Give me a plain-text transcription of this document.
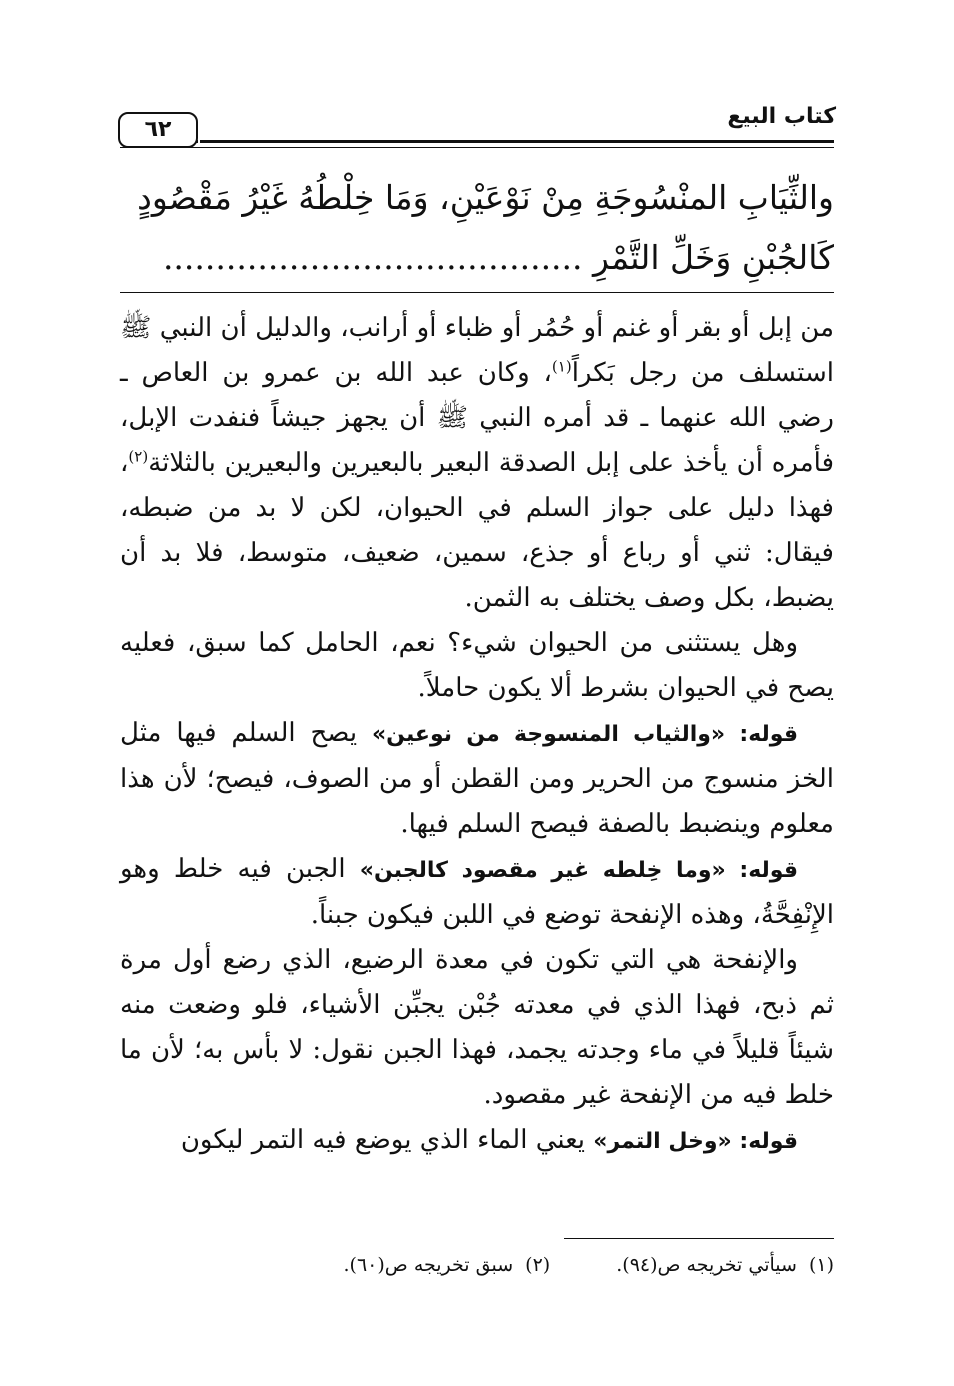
كتاب البيع
٦٢
والثِّيَابِ المنْسُوجَةِ مِنْ نَوْعَيْنِ، وَمَا خِلْطُهُ غَيْرُ مَقْصُودٍ
كَالجُبْنِ وَخَلِّ التَّمْرِ ........................................

من إبل أو بقر أو غنم أو حُمُر أو ظباء أو أرانب، والدليل أن النبي ﷺ استسلف من رجل بَكراً$^{(١)}$، وكان عبد الله بن عمرو بن العاص ـ رضي الله عنهما ـ قد أمره النبي ﷺ أن يجهز جيشاً فنفدت الإبل، فأمره أن يأخذ على إبل الصدقة البعير بالبعيرين والبعيرين بالثلاثة$^{(٢)}$، فهذا دليل على جواز السلم في الحيوان، لكن لا بد من ضبطه، فيقال: ثني أو رباع أو جذع، سمين، ضعيف، متوسط، فلا بد أن يضبط، بكل وصف يختلف به الثمن.

وهل يستثنى من الحيوان شيء؟ نعم، الحامل كما سبق، فعليه يصح في الحيوان بشرط ألا يكون حاملاً.

قوله: «والثياب المنسوجة من نوعين» يصح السلم فيها مثل الخز منسوج من الحرير ومن القطن أو من الصوف، فيصح؛ لأن هذا معلوم وينضبط بالصفة فيصح السلم فيها.

قوله: «وما خِلطه غير مقصود كالجبن» الجبن فيه خلط وهو الإِنْفِحَّةُ، وهذه الإنفحة توضع في اللبن فيكون جبناً.

والإنفحة هي التي تكون في معدة الرضيع، الذي رضع أول مرة ثم ذبح، فهذا الذي في معدته جُبْن يجبِّن الأشياء، فلو وضعت منه شيئاً قليلاً في ماء وجدته يجمد، فهذا الجبن نقول: لا بأس به؛ لأن ما خلط فيه من الإنفحة غير مقصود.

قوله: «وخل التمر» يعني الماء الذي يوضع فيه التمر ليكون

(١)سيأتي تخريجه ص(٩٤). (٢)سبق تخريجه ص(٦٠).
